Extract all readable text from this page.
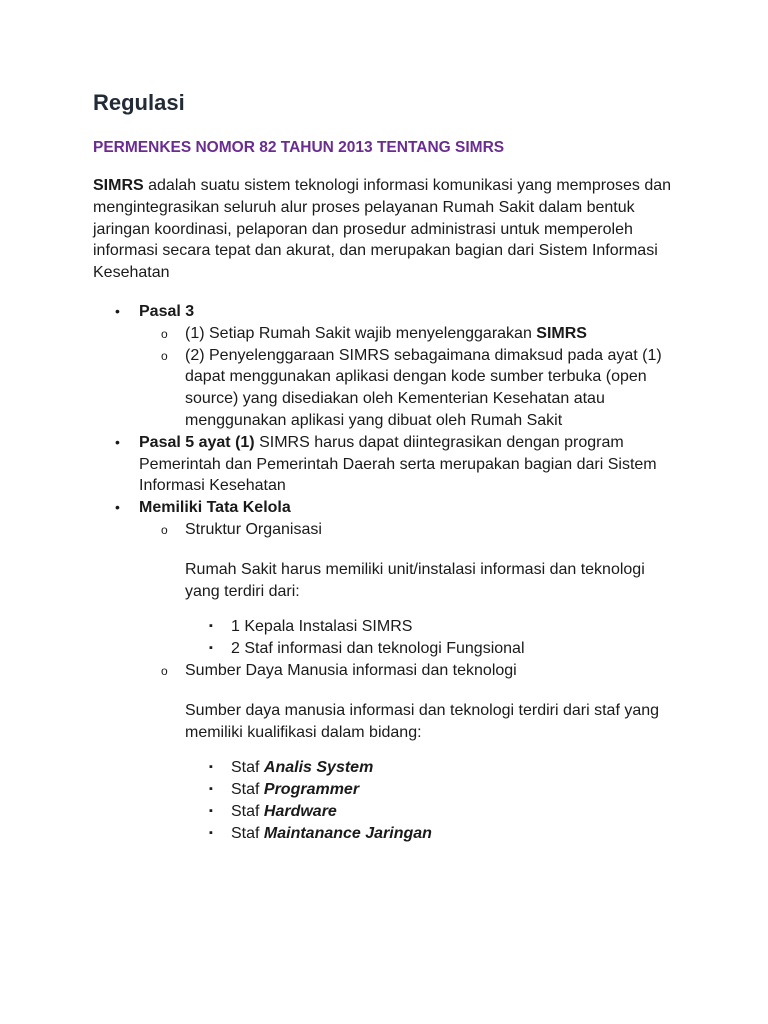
Regulasi
PERMENKES NOMOR 82 TAHUN 2013 TENTANG SIMRS

SIMRS adalah suatu sistem teknologi informasi komunikasi yang memproses dan mengintegrasikan seluruh alur proses pelayanan Rumah Sakit dalam bentuk jaringan koordinasi, pelaporan dan prosedur administrasi untuk memperoleh informasi secara tepat dan akurat, dan merupakan bagian dari Sistem Informasi Kesehatan

• Pasal 3
o (1) Setiap Rumah Sakit wajib menyelenggarakan SIMRS
o (2) Penyelenggaraan SIMRS sebagaimana dimaksud pada ayat (1) dapat menggunakan aplikasi dengan kode sumber terbuka (open source) yang disediakan oleh Kementerian Kesehatan atau menggunakan aplikasi yang dibuat oleh Rumah Sakit
• Pasal 5 ayat (1) SIMRS harus dapat diintegrasikan dengan program Pemerintah dan Pemerintah Daerah serta merupakan bagian dari Sistem Informasi Kesehatan
• Memiliki Tata Kelola
o Struktur Organisasi

Rumah Sakit harus memiliki unit/instalasi informasi dan teknologi yang terdiri dari:

▪ 1 Kepala Instalasi SIMRS
▪ 2 Staf informasi dan teknologi Fungsional
o Sumber Daya Manusia informasi dan teknologi

Sumber daya manusia informasi dan teknologi terdiri dari staf yang memiliki kualifikasi dalam bidang:

▪ Staf Analis System
▪ Staf Programmer
▪ Staf Hardware
▪ Staf Maintanance Jaringan
